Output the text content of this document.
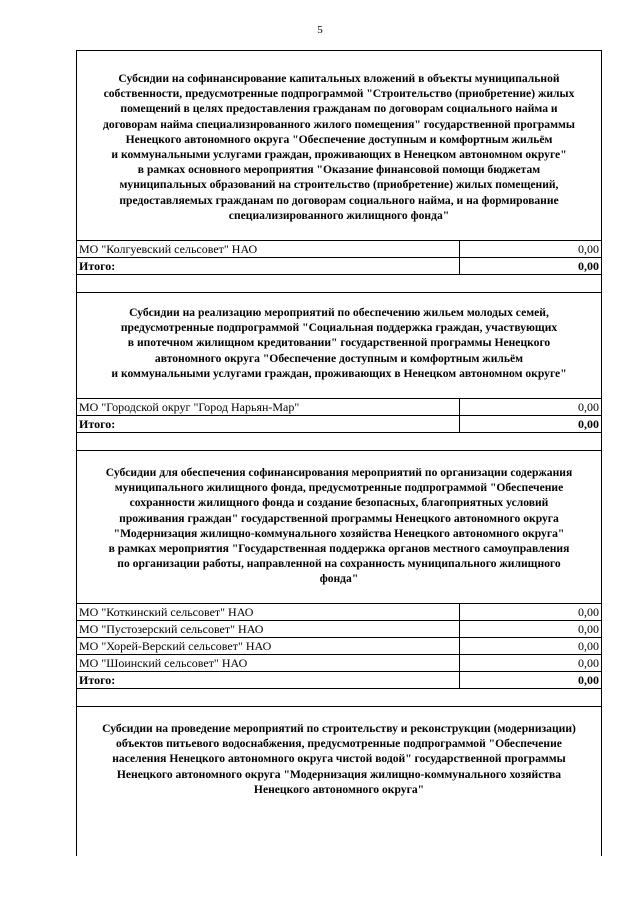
5
Субсидии на софинансирование капитальных вложений в объекты муниципальной
собственности, предусмотренные подпрограммой "Строительство (приобретение) жилых
помещений в целях предоставления гражданам по договорам социального найма и
договорам найма специализированного жилого помещения" государственной программы
Ненецкого автономного округа "Обеспечение доступным и комфортным жильём
и коммунальными услугами граждан, проживающих в Ненецком автономном округе"
в рамках основного мероприятия "Оказание финансовой помощи бюджетам
муниципальных образований на строительство (приобретение) жилых помещений,
предоставляемых гражданам по договорам социального найма, и на формирование
специализированного жилищного фонда"
МО "Колгуевский сельсовет" НАО	0,00
Итого:	0,00
Субсидии на реализацию мероприятий по обеспечению жильем молодых семей,
предусмотренные подпрограммой "Социальная поддержка граждан, участвующих
в ипотечном жилищном кредитовании" государственной программы Ненецкого
автономного округа "Обеспечение доступным и комфортным жильём
и коммунальными услугами граждан, проживающих в Ненецком автономном округе"
МО "Городской округ "Город Нарьян-Мар"	0,00
Итого:	0,00
Субсидии для обеспечения софинансирования мероприятий по организации содержания
муниципального жилищного фонда, предусмотренные подпрограммой "Обеспечение
сохранности жилищного фонда и создание безопасных, благоприятных условий
проживания граждан" государственной программы Ненецкого автономного округа
"Модернизация жилищно-коммунального хозяйства Ненецкого автономного округа"
в рамках мероприятия "Государственная поддержка органов местного самоуправления
по организации работы, направленной на сохранность муниципального жилищного
фонда"
МО "Коткинский сельсовет" НАО	0,00
МО "Пустозерский сельсовет" НАО	0,00
МО "Хорей-Верский сельсовет" НАО	0,00
МО "Шоинский сельсовет" НАО	0,00
Итого:	0,00
Субсидии на проведение мероприятий по строительству и реконструкции (модернизации)
объектов питьевого водоснабжения, предусмотренные подпрограммой "Обеспечение
населения Ненецкого автономного округа чистой водой" государственной программы
Ненецкого автономного округа "Модернизация жилищно-коммунального хозяйства
Ненецкого автономного округа"
